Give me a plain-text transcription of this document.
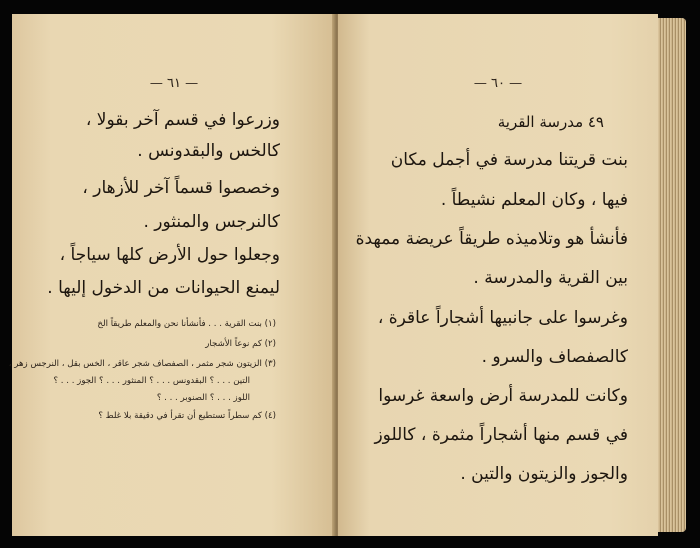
— ٦١ —
وزرعوا في قسم آخر بقولا ،
كالخس والبقدونس .
وخصصوا قسماً آخر للأزهار ،
كالنرجس والمنثور .
وجعلوا حول الأرض كلها سياجاً ،
ليمنع الحيوانات من الدخول إليها .
(١) بنت القرية . . . فأنشأنا نحن والمعلم طريقاً الخ
(٢) كم نوعاً الأشجار
(٣) الزيتون شجر مثمر ، الصفصاف شجر عاقر ، الخس بقل ، النرجس زهر ،
التين . . . ؟ البقدونس . . . ؟ المنثور . . . ؟ الجوز . . . ؟
اللوز . . . ؟ الصنوبر . . . ؟
(٤) كم سطراً تستطيع أن تقرأ في دقيقة بلا غلط ؟
— ٦٠ —
٤٩ مدرسة القرية
بنت قريتنا مدرسة في أجمل مكان
فيها ، وكان المعلم نشيطاً .
فأنشأ هو وتلاميذه طريقاً عريضة ممهدة
بين القرية والمدرسة .
وغرسوا على جانبيها أشجاراً عاقرة ،
كالصفصاف والسرو .
وكانت للمدرسة أرض واسعة غرسوا
في قسم منها أشجاراً مثمرة ، كاللوز
والجوز والزيتون والتين .
